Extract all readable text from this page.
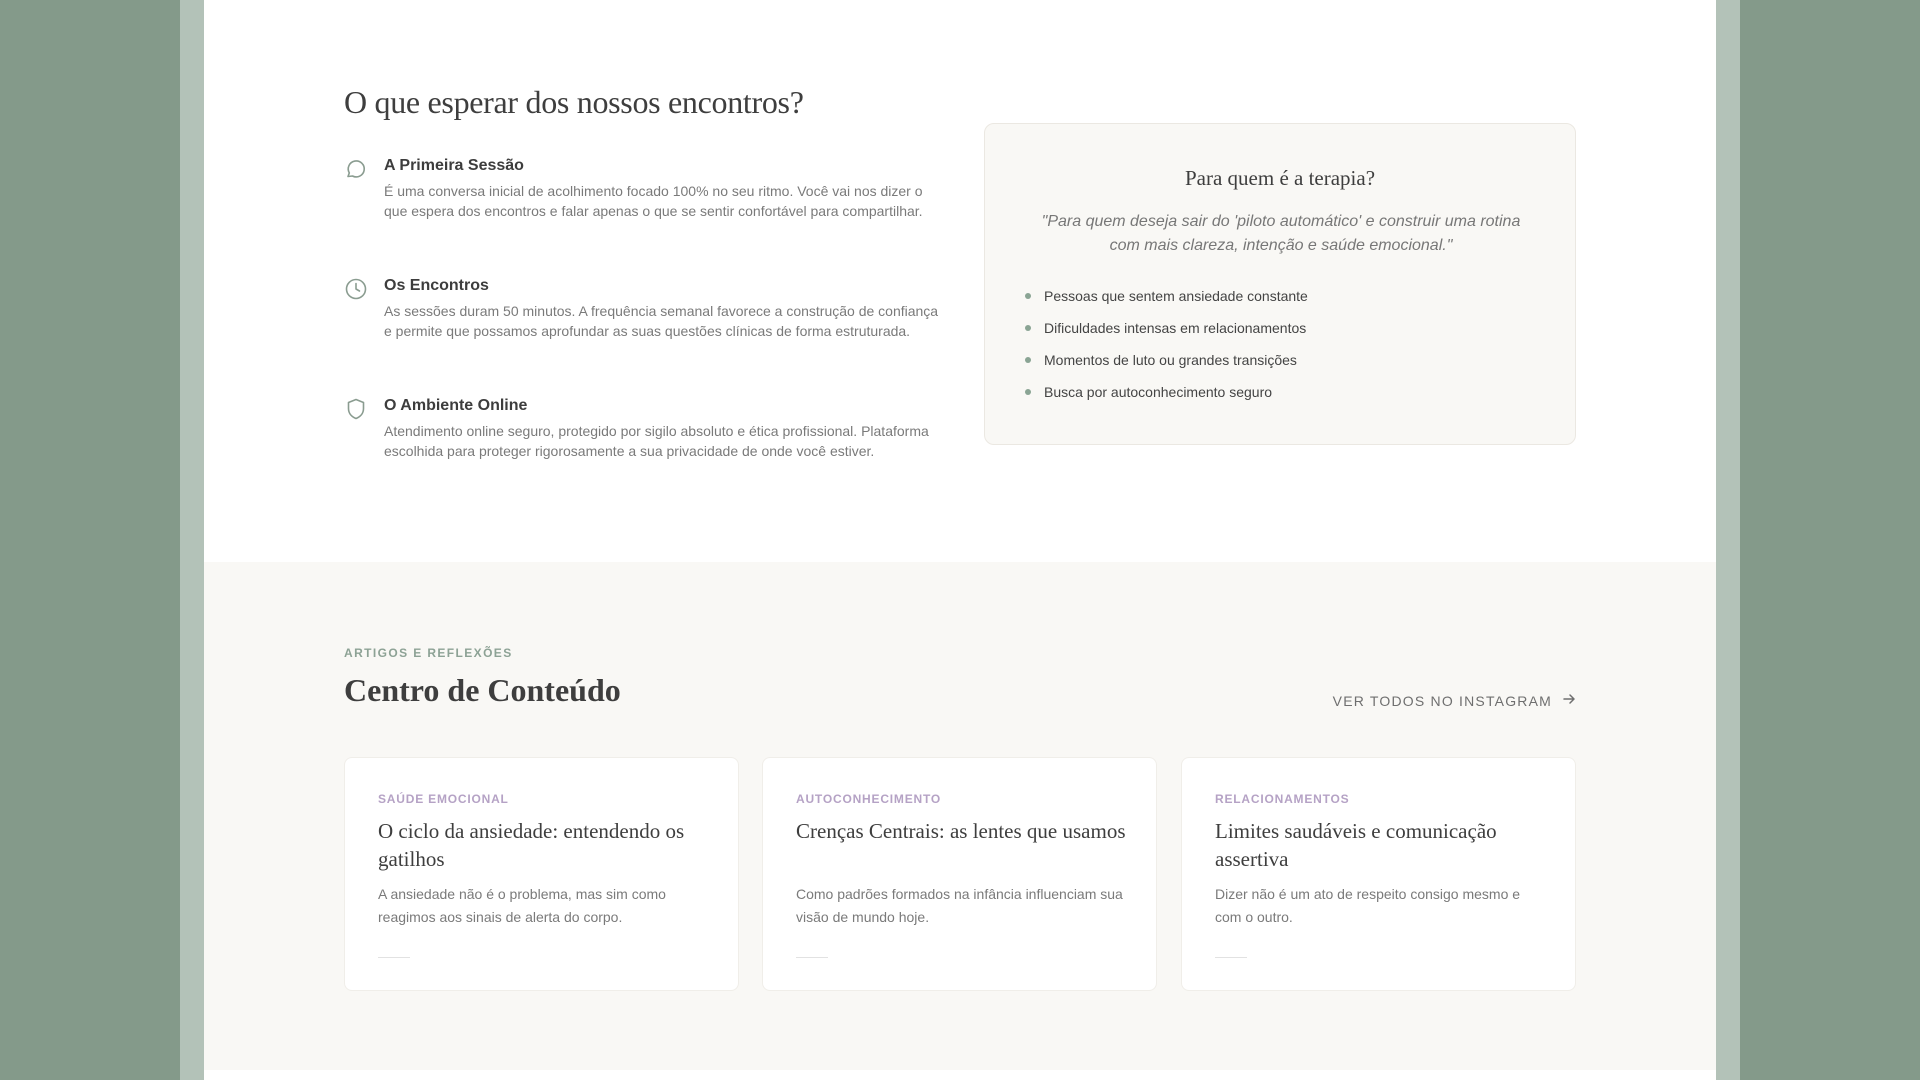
O que esperar dos nossos encontros?
A Primeira Sessão
É uma conversa inicial de acolhimento focado 100% no seu ritmo. Você vai nos dizer o que espera dos encontros e falar apenas o que se sentir confortável para compartilhar.
Os Encontros
As sessões duram 50 minutos. A frequência semanal favorece a construção de confiança e permite que possamos aprofundar as suas questões clínicas de forma estruturada.
O Ambiente Online
Atendimento online seguro, protegido por sigilo absoluto e ética profissional. Plataforma escolhida para proteger rigorosamente a sua privacidade de onde você estiver.
Para quem é a terapia?
"Para quem deseja sair do 'piloto automático' e construir uma rotina com mais clareza, intenção e saúde emocional."
Pessoas que sentem ansiedade constante
Dificuldades intensas em relacionamentos
Momentos de luto ou grandes transições
Busca por autoconhecimento seguro
ARTIGOS E REFLEXÕES
Centro de Conteúdo	VER TODOS NO INSTAGRAM
SAÚDE EMOCIONAL
O ciclo da ansiedade: entendendo os gatilhos
A ansiedade não é o problema, mas sim como reagimos aos sinais de alerta do corpo.
AUTOCONHECIMENTO
Crenças Centrais: as lentes que usamos
Como padrões formados na infância influenciam sua visão de mundo hoje.
RELACIONAMENTOS
Limites saudáveis e comunicação assertiva
Dizer não é um ato de respeito consigo mesmo e com o outro.
